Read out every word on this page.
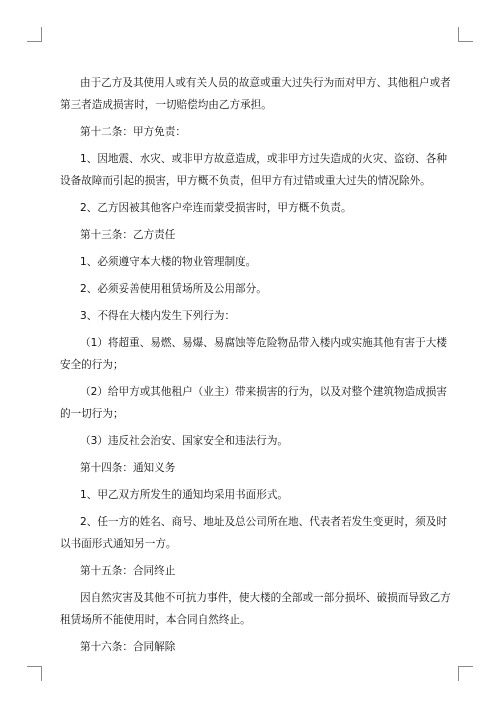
由于乙方及其使用人或有关人员的故意或重大过失行为而对甲方、其他租户或者
第三者造成损害时，一切赔偿均由乙方承担。
第十二条：甲方免责：
1、因地震、水灾、或非甲方故意造成，或非甲方过失造成的火灾、盗窃、各种
设备故障而引起的损害，甲方概不负责，但甲方有过错或重大过失的情况除外。
2、乙方因被其他客户牵连而蒙受损害时，甲方概不负责。
第十三条：乙方责任
1、必须遵守本大楼的物业管理制度。
2、必须妥善使用租赁场所及公用部分。
3、不得在大楼内发生下列行为：
（1）将超重、易燃、易爆、易腐蚀等危险物品带入楼内或实施其他有害于大楼
安全的行为；
（2）给甲方或其他租户（业主）带来损害的行为，以及对整个建筑物造成损害
的一切行为；
（3）违反社会治安、国家安全和违法行为。
第十四条：通知义务
1、甲乙双方所发生的通知均采用书面形式。
2、任一方的姓名、商号、地址及总公司所在地、代表者若发生变更时，须及时
以书面形式通知另一方。
第十五条：合同终止
因自然灾害及其他不可抗力事件，使大楼的全部或一部分损坏、破损而导致乙方
租赁场所不能使用时，本合同自然终止。
第十六条：合同解除
